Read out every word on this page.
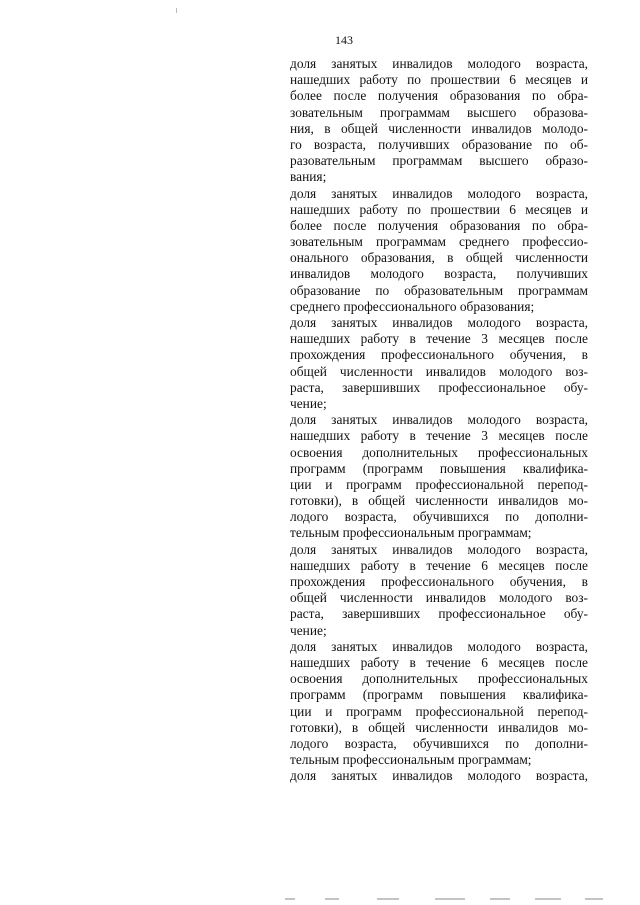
143
доля занятых инвалидов молодого возраста,
нашедших работу по прошествии 6 месяцев и
более после получения образования по обра-
зовательным программам высшего образова-
ния, в общей численности инвалидов молодо-
го возраста, получивших образование по об-
разовательным программам высшего образо-
вания;
доля занятых инвалидов молодого возраста,
нашедших работу по прошествии 6 месяцев и
более после получения образования по обра-
зовательным программам среднего профессио-
онального образования, в общей численности
инвалидов молодого возраста, получивших
образование по образовательным программам
среднего профессионального образования;
доля занятых инвалидов молодого возраста,
нашедших работу в течение 3 месяцев после
прохождения профессионального обучения, в
общей численности инвалидов молодого воз-
раста, завершивших профессиональное обу-
чение;
доля занятых инвалидов молодого возраста,
нашедших работу в течение 3 месяцев после
освоения дополнительных профессиональных
программ (программ повышения квалифика-
ции и программ профессиональной перепод-
готовки), в общей численности инвалидов мо-
лодого возраста, обучившихся по дополни-
тельным профессиональным программам;
доля занятых инвалидов молодого возраста,
нашедших работу в течение 6 месяцев после
прохождения профессионального обучения, в
общей численности инвалидов молодого воз-
раста, завершивших профессиональное обу-
чение;
доля занятых инвалидов молодого возраста,
нашедших работу в течение 6 месяцев после
освоения дополнительных профессиональных
программ (программ повышения квалифика-
ции и программ профессиональной перепод-
готовки), в общей численности инвалидов мо-
лодого возраста, обучившихся по дополни-
тельным профессиональным программам;
доля занятых инвалидов молодого возраста,
